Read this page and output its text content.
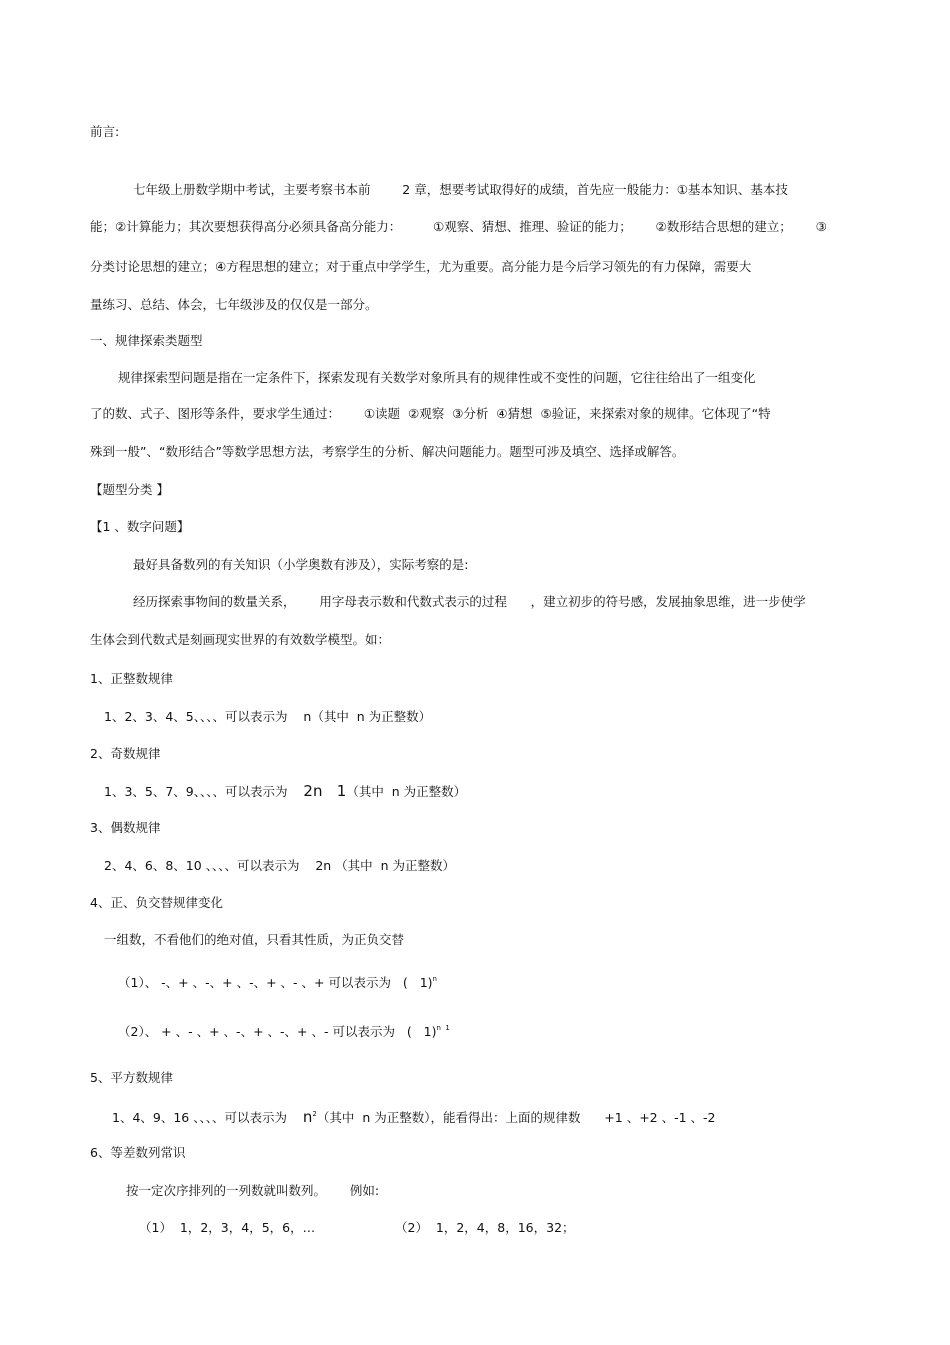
前言:
七年级上册数学期中考试，主要考察书本前        2 章，想要考试取得好的成绩，首先应一般能力：①基本知识、基本技
能；②计算能力；其次要想获得高分必须具备高分能力：        ①观察、猜想、推理、验证的能力；      ②数形结合思想的建立；      ③
分类讨论思想的建立；④方程思想的建立；对于重点中学学生，尤为重要。高分能力是今后学习领先的有力保障，需要大
量练习、总结、体会，七年级涉及的仅仅是一部分。
一、规律探索类题型
规律探索型问题是指在一定条件下，探索发现有关数学对象所具有的规律性或不变性的问题，它往往给出了一组变化
了的数、式子、图形等条件，要求学生通过：      ①读题  ②观察  ③分析  ④猜想  ⑤验证，来探索对象的规律。它体现了“特
殊到一般”、“数形结合”等数学思想方法，考察学生的分析、解决问题能力。题型可涉及填空、选择或解答。
【题型分类 】
【1 、数字问题】
最好具备数列的有关知识（小学奥数有涉及），实际考察的是:
经历探索事物间的数量关系，      用字母表示数和代数式表示的过程      ，建立初步的符号感，发展抽象思维，进一步使学
生体会到代数式是刻画现实世界的有效数学模型。如：
1、正整数规律
1、2、3、4、5、、、、可以表示为    n（其中  n 为正整数）
2、奇数规律
1、3、5、7、9、、、、可以表示为    2n   1（其中  n 为正整数）
3、偶数规律
2、4、6、8、10 、、、、可以表示为    2n （其中  n 为正整数）
4、正、负交替规律变化
一组数，不看他们的绝对值，只看其性质，为正负交替
（1）、 -、+ 、-、+ 、-、+ 、- 、+ 可以表示为   (   1)$^n$
（2）、 + 、- 、+ 、-、+ 、-、+ 、- 可以表示为   (   1)$^{n 1}$
5、平方数规律
1、4、9、16 、、、、可以表示为    $n^2$（其中  n 为正整数），能看得出：上面的规律数      +1 、+2 、-1 、-2
6、等差数列常识
按一定次序排列的一列数就叫数列。      例如:
（1）  1，2，3，4，5，6，…	（2）  1，2，4，8，16，32；
